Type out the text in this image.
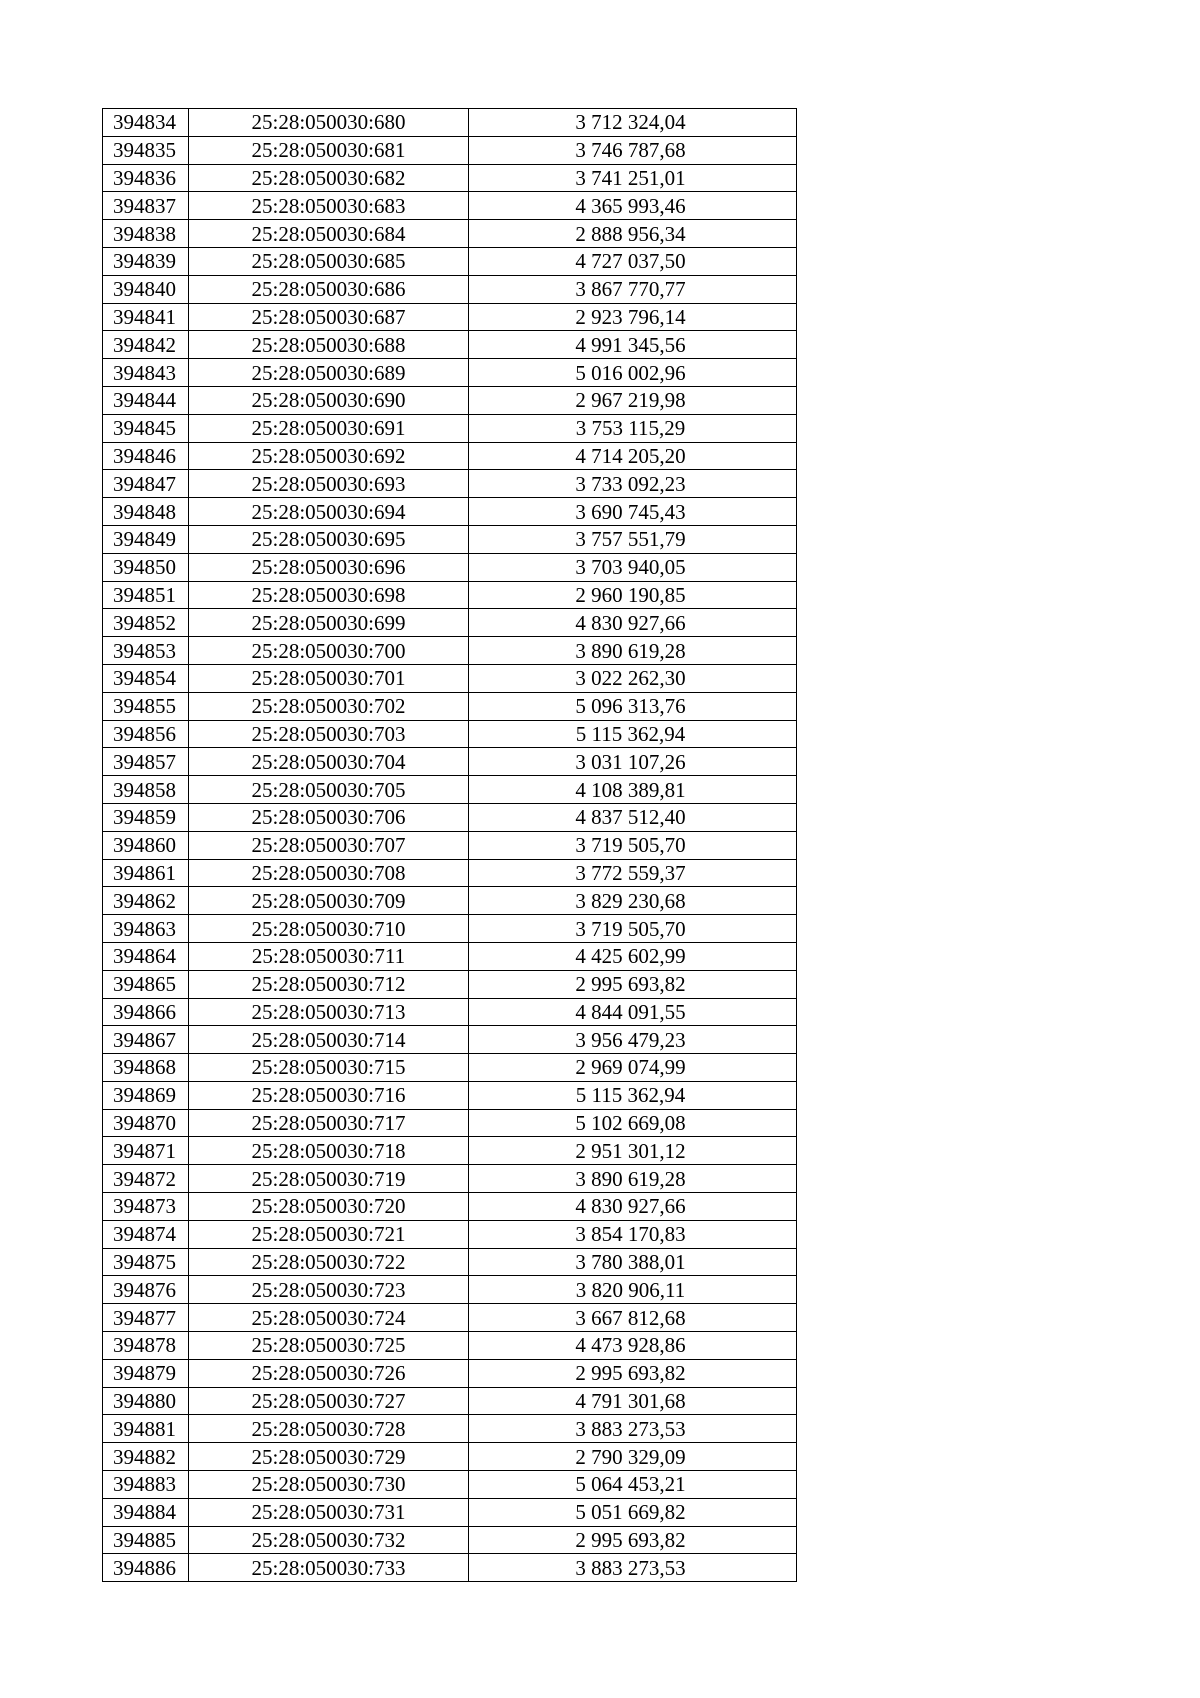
394834	25:28:050030:680	3 712 324,04
394835	25:28:050030:681	3 746 787,68
394836	25:28:050030:682	3 741 251,01
394837	25:28:050030:683	4 365 993,46
394838	25:28:050030:684	2 888 956,34
394839	25:28:050030:685	4 727 037,50
394840	25:28:050030:686	3 867 770,77
394841	25:28:050030:687	2 923 796,14
394842	25:28:050030:688	4 991 345,56
394843	25:28:050030:689	5 016 002,96
394844	25:28:050030:690	2 967 219,98
394845	25:28:050030:691	3 753 115,29
394846	25:28:050030:692	4 714 205,20
394847	25:28:050030:693	3 733 092,23
394848	25:28:050030:694	3 690 745,43
394849	25:28:050030:695	3 757 551,79
394850	25:28:050030:696	3 703 940,05
394851	25:28:050030:698	2 960 190,85
394852	25:28:050030:699	4 830 927,66
394853	25:28:050030:700	3 890 619,28
394854	25:28:050030:701	3 022 262,30
394855	25:28:050030:702	5 096 313,76
394856	25:28:050030:703	5 115 362,94
394857	25:28:050030:704	3 031 107,26
394858	25:28:050030:705	4 108 389,81
394859	25:28:050030:706	4 837 512,40
394860	25:28:050030:707	3 719 505,70
394861	25:28:050030:708	3 772 559,37
394862	25:28:050030:709	3 829 230,68
394863	25:28:050030:710	3 719 505,70
394864	25:28:050030:711	4 425 602,99
394865	25:28:050030:712	2 995 693,82
394866	25:28:050030:713	4 844 091,55
394867	25:28:050030:714	3 956 479,23
394868	25:28:050030:715	2 969 074,99
394869	25:28:050030:716	5 115 362,94
394870	25:28:050030:717	5 102 669,08
394871	25:28:050030:718	2 951 301,12
394872	25:28:050030:719	3 890 619,28
394873	25:28:050030:720	4 830 927,66
394874	25:28:050030:721	3 854 170,83
394875	25:28:050030:722	3 780 388,01
394876	25:28:050030:723	3 820 906,11
394877	25:28:050030:724	3 667 812,68
394878	25:28:050030:725	4 473 928,86
394879	25:28:050030:726	2 995 693,82
394880	25:28:050030:727	4 791 301,68
394881	25:28:050030:728	3 883 273,53
394882	25:28:050030:729	2 790 329,09
394883	25:28:050030:730	5 064 453,21
394884	25:28:050030:731	5 051 669,82
394885	25:28:050030:732	2 995 693,82
394886	25:28:050030:733	3 883 273,53
